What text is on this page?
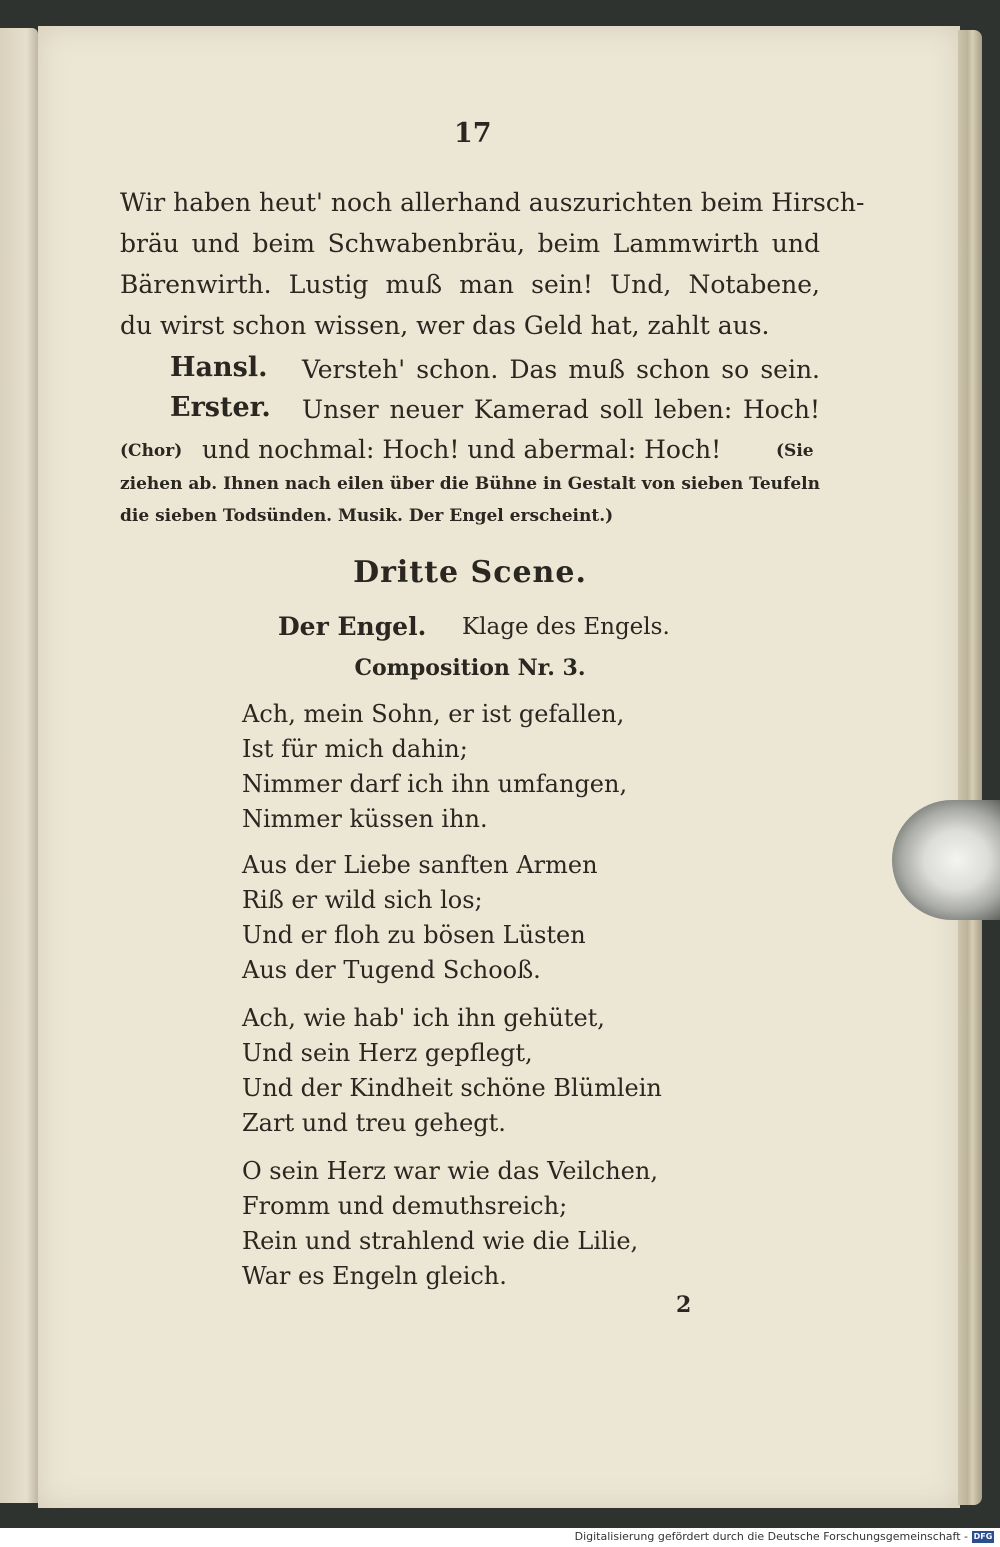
17
Wir haben heut' noch allerhand auszurichten beim Hirsch-
bräu und beim Schwabenbräu, beim Lammwirth und
Bärenwirth. Lustig muß man sein! Und, Notabene,
du wirst schon wissen, wer das Geld hat, zahlt aus.
Hansl. Versteh' schon. Das muß schon so sein.
Erster. Unser neuer Kamerad soll leben: Hoch!
(Chor) und nochmal: Hoch! und abermal: Hoch!	(Sie
ziehen ab. Ihnen nach eilen über die Bühne in Gestalt von sieben Teufeln
die sieben Todsünden. Musik. Der Engel erscheint.)
Dritte Scene.
Der Engel. Klage des Engels.
Composition Nr. 3.
Ach, mein Sohn, er ist gefallen,
Ist für mich dahin;
Nimmer darf ich ihn umfangen,
Nimmer küssen ihn.
Aus der Liebe sanften Armen
Riß er wild sich los;
Und er floh zu bösen Lüsten
Aus der Tugend Schooß.
Ach, wie hab' ich ihn gehütet,
Und sein Herz gepflegt,
Und der Kindheit schöne Blümlein
Zart und treu gehegt.
O sein Herz war wie das Veilchen,
Fromm und demuthsreich;
Rein und strahlend wie die Lilie,
War es Engeln gleich.
2
Digitalisierung gefördert durch die Deutsche Forschungsgemeinschaft - DFG
